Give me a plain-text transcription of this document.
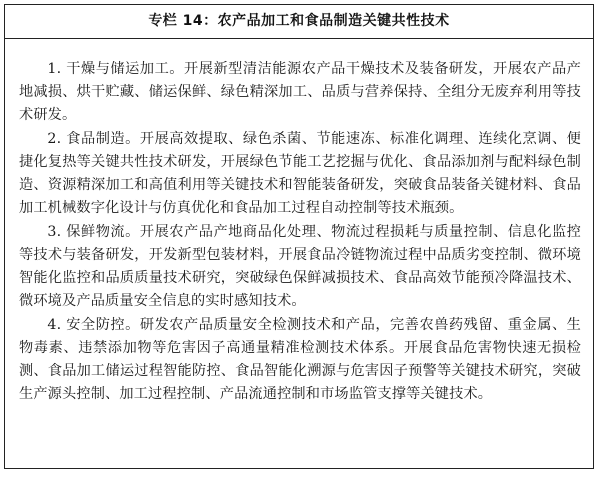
专栏 14：农产品加工和食品制造关键共性技术

1. 干燥与储运加工。开展新型清洁能源农产品干燥技术及装备研发，开展农产品产地减损、烘干贮藏、储运保鲜、绿色精深加工、品质与营养保持、全组分无废弃利用等技术研发。

2. 食品制造。开展高效提取、绿色杀菌、节能速冻、标准化调理、连续化烹调、便捷化复热等关键共性技术研发，开展绿色节能工艺挖掘与优化、食品添加剂与配料绿色制造、资源精深加工和高值利用等关键技术和智能装备研发，突破食品装备关键材料、食品加工机械数字化设计与仿真优化和食品加工过程自动控制等技术瓶颈。

3. 保鲜物流。开展农产品产地商品化处理、物流过程损耗与质量控制、信息化监控等技术与装备研发，开发新型包装材料，开展食品冷链物流过程中品质劣变控制、微环境智能化监控和品质质量技术研究，突破绿色保鲜减损技术、食品高效节能预冷降温技术、微环境及产品质量安全信息的实时感知技术。

4. 安全防控。研发农产品质量安全检测技术和产品，完善农兽药残留、重金属、生物毒素、违禁添加物等危害因子高通量精准检测技术体系。开展食品危害物快速无损检测、食品加工储运过程智能防控、食品智能化溯源与危害因子预警等关键技术研究，突破生产源头控制、加工过程控制、产品流通控制和市场监管支撑等关键技术。
